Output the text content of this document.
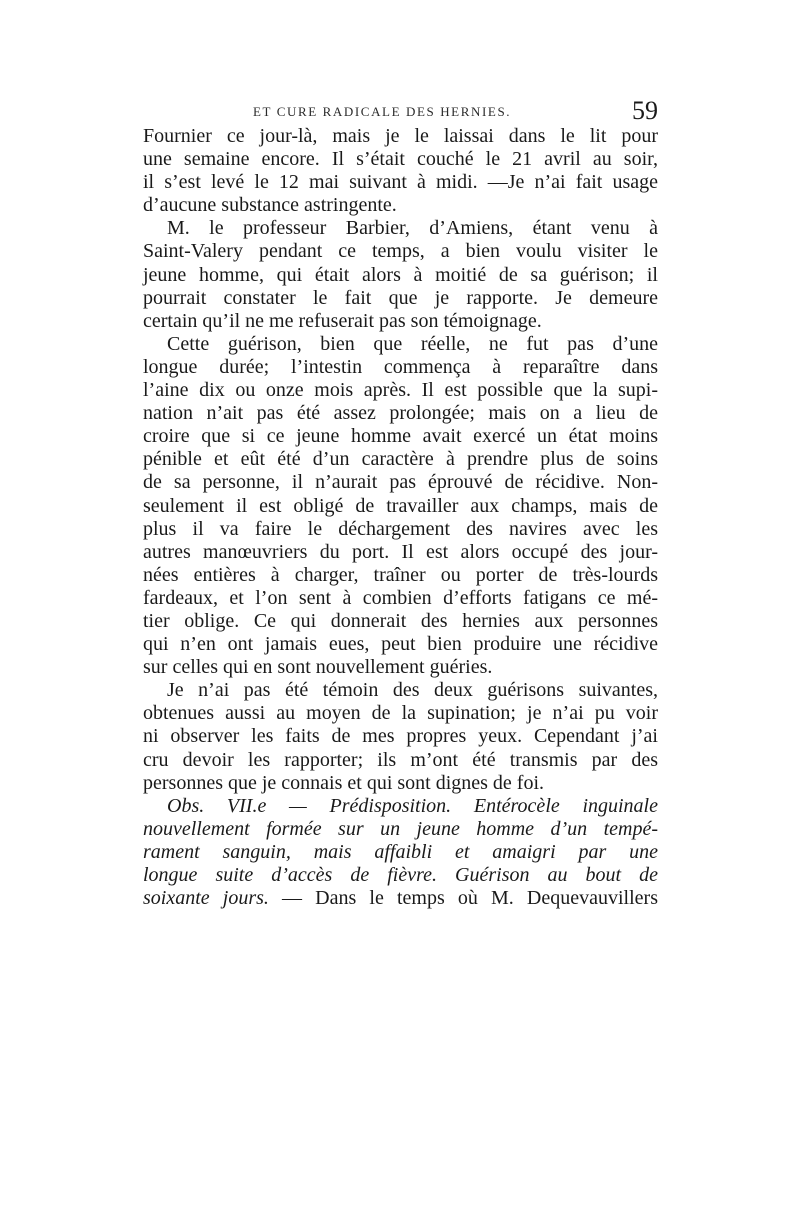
ET CURE RADICALE DES HERNIES.	59
Fournier ce jour-là, mais je le laissai dans le lit pour
une semaine encore. Il s’était couché le 21 avril au soir,
il s’est levé le 12 mai suivant à midi. —Je n’ai fait usage
d’aucune substance astringente.
M. le professeur Barbier, d’Amiens, étant venu à
Saint-Valery pendant ce temps, a bien voulu visiter le
jeune homme, qui était alors à moitié de sa guérison; il
pourrait constater le fait que je rapporte. Je demeure
certain qu’il ne me refuserait pas son témoignage.
Cette guérison, bien que réelle, ne fut pas d’une
longue durée; l’intestin commença à reparaître dans
l’aine dix ou onze mois après. Il est possible que la supi-
nation n’ait pas été assez prolongée; mais on a lieu de
croire que si ce jeune homme avait exercé un état moins
pénible et eût été d’un caractère à prendre plus de soins
de sa personne, il n’aurait pas éprouvé de récidive. Non-
seulement il est obligé de travailler aux champs, mais de
plus il va faire le déchargement des navires avec les
autres manœuvriers du port. Il est alors occupé des jour-
nées entières à charger, traîner ou porter de très-lourds
fardeaux, et l’on sent à combien d’efforts fatigans ce mé-
tier oblige. Ce qui donnerait des hernies aux personnes
qui n’en ont jamais eues, peut bien produire une récidive
sur celles qui en sont nouvellement guéries.
Je n’ai pas été témoin des deux guérisons suivantes,
obtenues aussi au moyen de la supination; je n’ai pu voir
ni observer les faits de mes propres yeux. Cependant j’ai
cru devoir les rapporter; ils m’ont été transmis par des
personnes que je connais et qui sont dignes de foi.
Obs. VII.e — Prédisposition. Entérocèle inguinale
nouvellement formée sur un jeune homme d’un tempé-
rament sanguin, mais affaibli et amaigri par une
longue suite d’accès de fièvre. Guérison au bout de
soixante jours. — Dans le temps où M. Dequevauvillers
